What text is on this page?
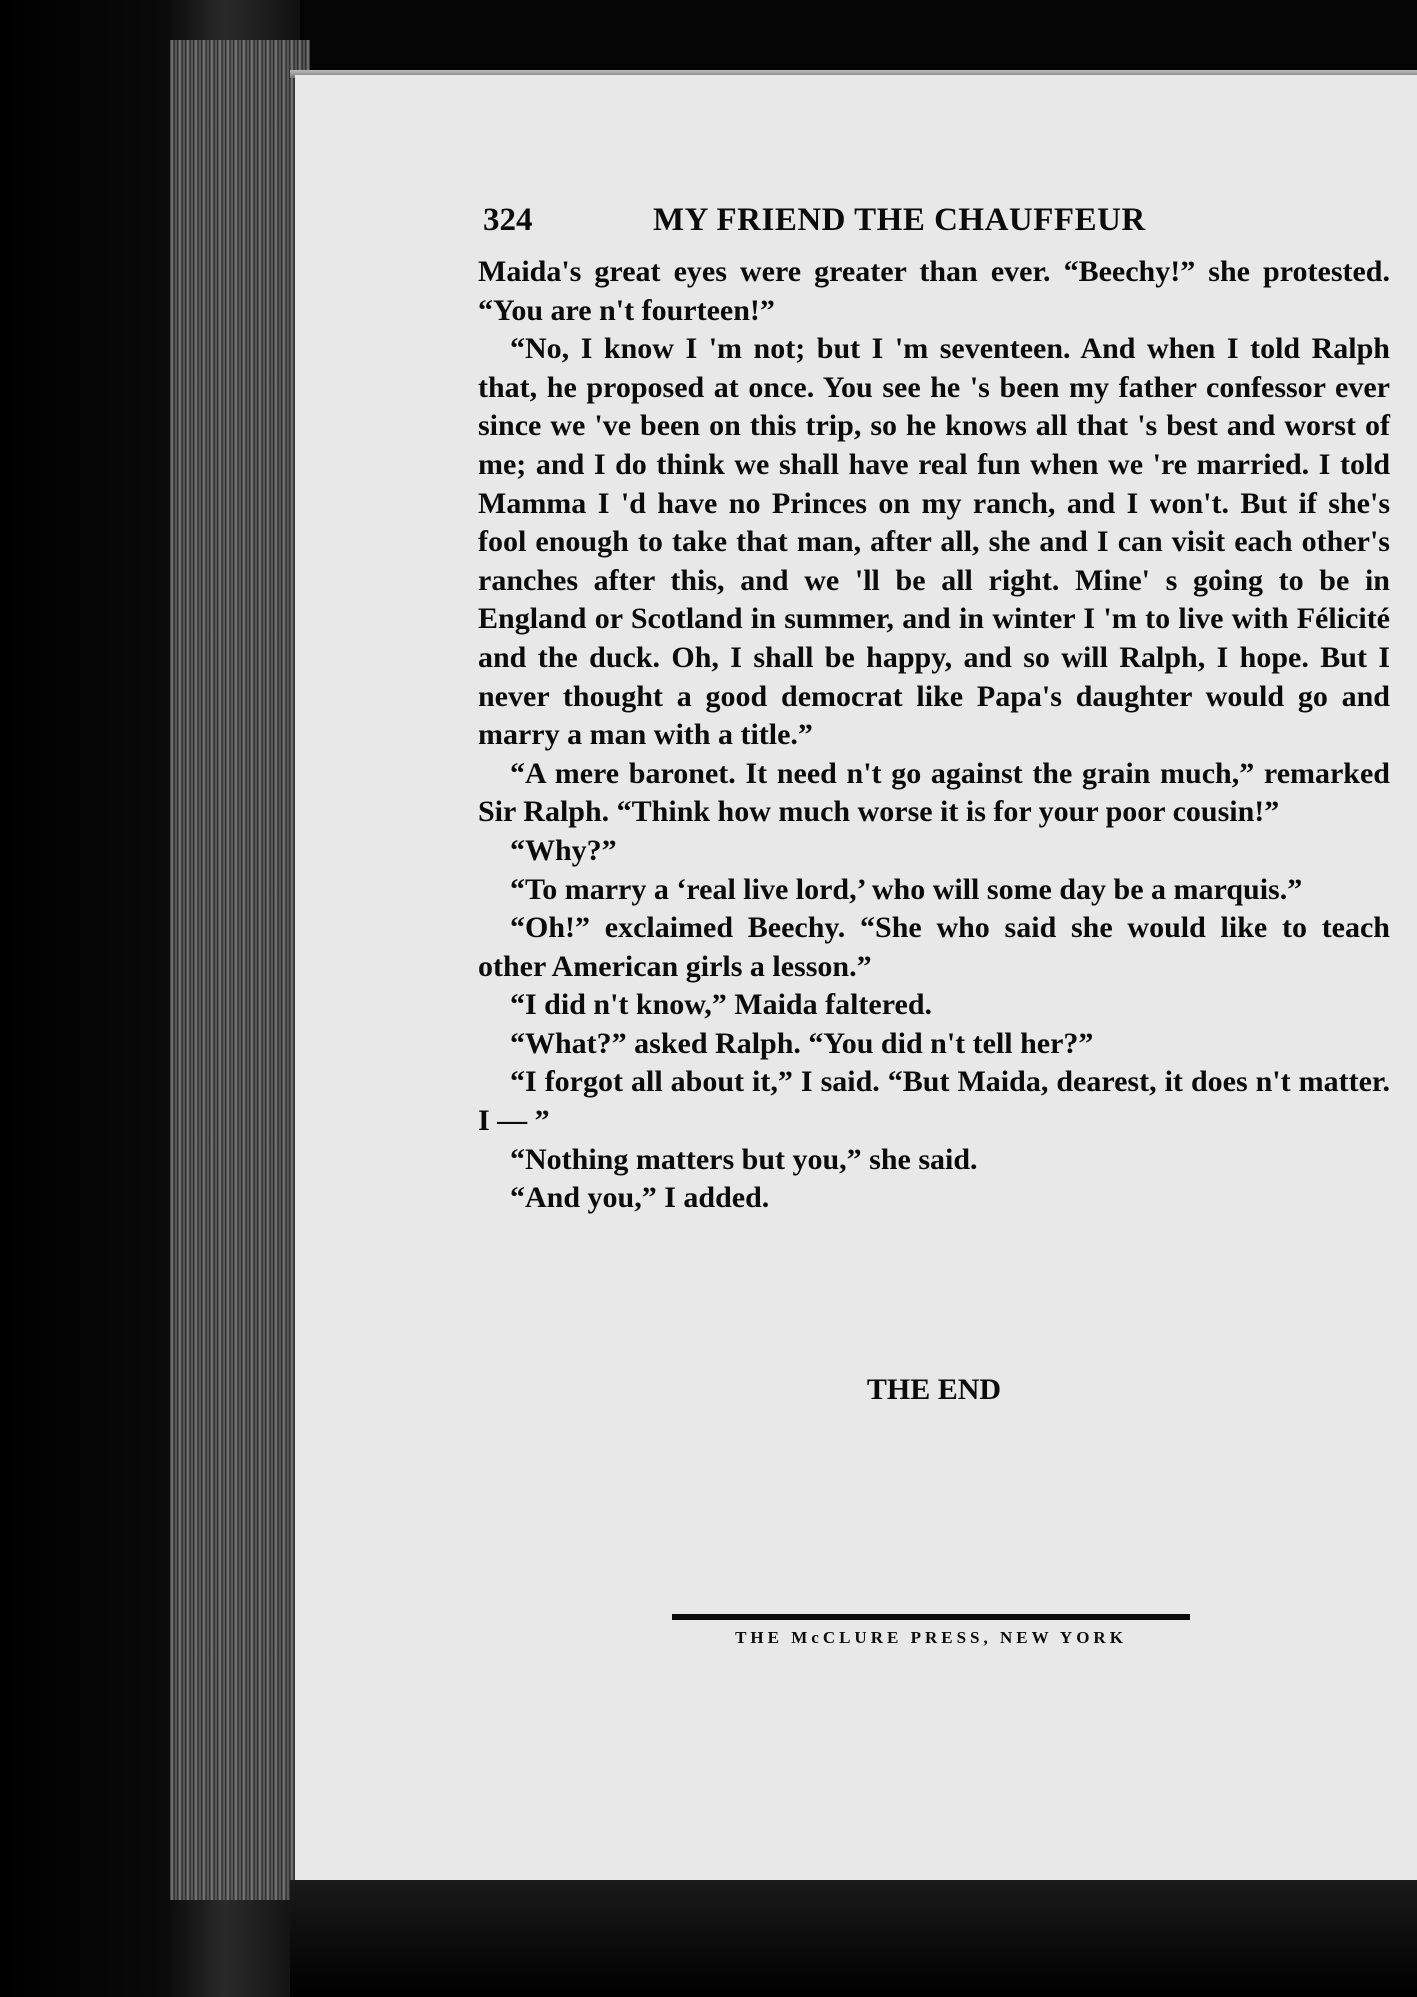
324	MY FRIEND THE CHAUFFEUR

Maida's great eyes were greater than ever. “Beechy!” she protested. “You are n't fourteen!”

“No, I know I 'm not; but I 'm seventeen. And when I told Ralph that, he proposed at once. You see he 's been my father confessor ever since we 've been on this trip, so he knows all that 's best and worst of me; and I do think we shall have real fun when we 're married. I told Mamma I 'd have no Princes on my ranch, and I won't. But if she's fool enough to take that man, after all, she and I can visit each other's ranches after this, and we 'll be all right. Mine' s going to be in England or Scotland in summer, and in winter I 'm to live with Félicité and the duck. Oh, I shall be happy, and so will Ralph, I hope. But I never thought a good democrat like Papa's daughter would go and marry a man with a title.”

“A mere baronet. It need n't go against the grain much,” remarked Sir Ralph. “Think how much worse it is for your poor cousin!”

“Why?”

“To marry a ‘real live lord,’ who will some day be a marquis.”

“Oh!” exclaimed Beechy. “She who said she would like to teach other American girls a lesson.”

“I did n't know,” Maida faltered.

“What?” asked Ralph. “You did n't tell her?”

“I forgot all about it,” I said. “But Maida, dearest, it does n't matter. I — ”

“Nothing matters but you,” she said.

“And you,” I added.

THE END
THE McCLURE PRESS, NEW YORK
